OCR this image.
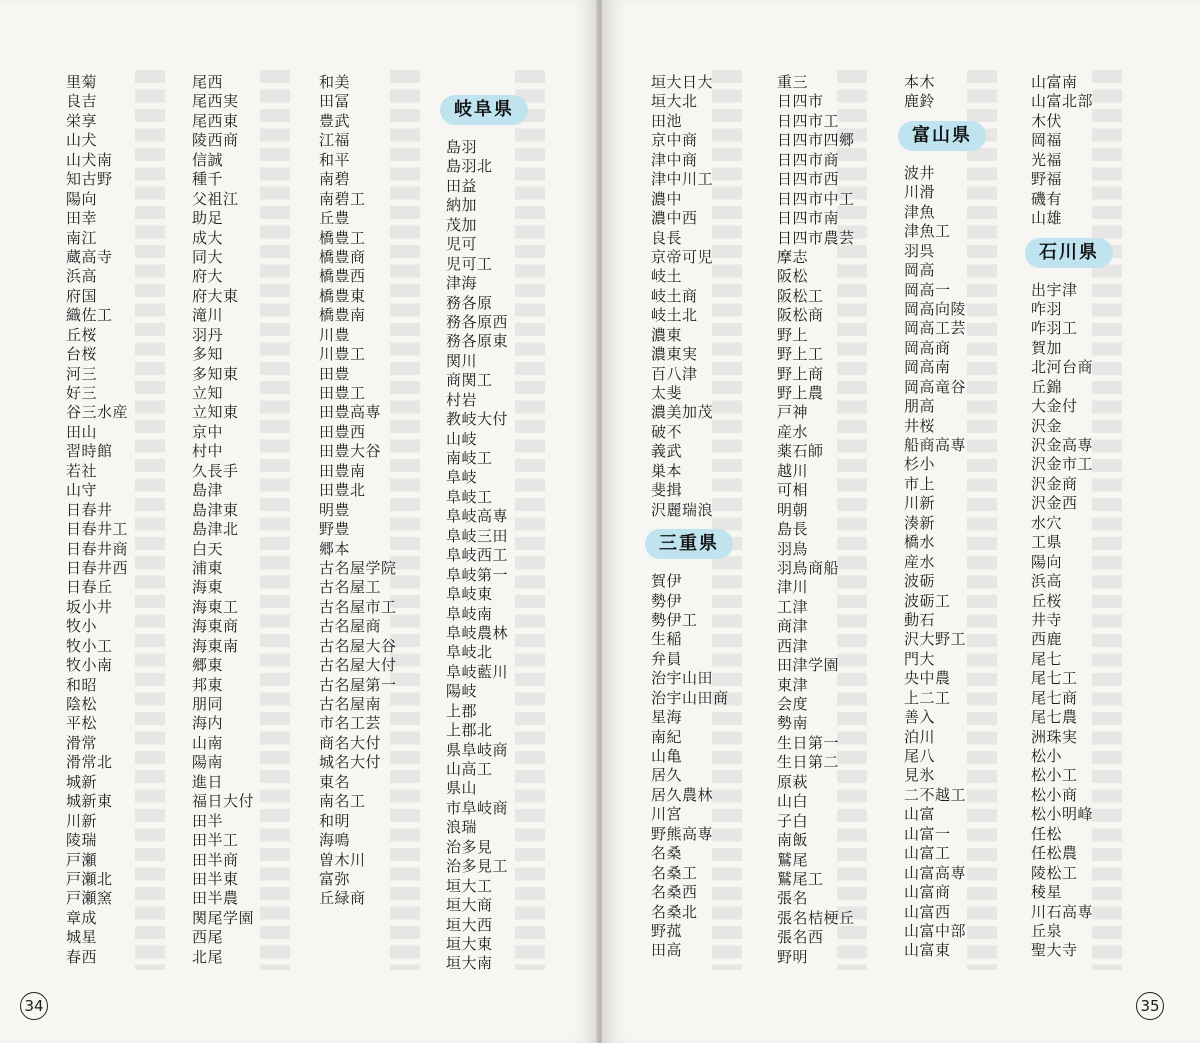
里菊
良吉
栄享
山犬
山犬南
知古野
陽向
田幸
南江
蔵高寺
浜高
府国
織佐工
丘桜
台桜
河三
好三
谷三水産
田山
習時館
若社
山守
日春井
日春井工
日春井商
日春井西
日春丘
坂小井
牧小
牧小工
牧小南
和昭
陰松
平松
滑常
滑常北
城新
城新東
川新
陵瑞
戸瀬
戸瀬北
戸瀬窯
章成
城星
春西
尾西
尾西実
尾西東
陵西商
信誠
種千
父祖江
助足
成大
同大
府大
府大東
滝川
羽丹
多知
多知東
立知
立知東
京中
村中
久長手
島津
島津東
島津北
白天
浦東
海東
海東工
海東商
海東南
郷東
邦東
朋同
海内
山南
陽南
進日
福日大付
田半
田半工
田半商
田半東
田半農
関尾学園
西尾
北尾
和美
田冨
豊武
江福
和平
南碧
南碧工
丘豊
橋豊工
橋豊商
橋豊西
橋豊東
橋豊南
川豊
川豊工
田豊
田豊工
田豊高専
田豊西
田豊大谷
田豊南
田豊北
明豊
野豊
郷本
古名屋学院
古名屋工
古名屋市工
古名屋商
古名屋大谷
古名屋大付
古名屋第一
古名屋南
市名工芸
商名大付
城名大付
東名
南名工
和明
海鳴
曽木川
富弥
丘緑商
岐阜県
島羽
島羽北
田益
納加
茂加
児可
児可工
津海
務各原
務各原西
務各原東
関川
商関工
村岩
教岐大付
山岐
南岐工
阜岐
阜岐工
阜岐高専
阜岐三田
阜岐西工
阜岐第一
阜岐東
阜岐南
阜岐農林
阜岐北
阜岐藍川
陽岐
上郡
上郡北
県阜岐商
山高工
県山
市阜岐商
浪瑞
治多見
治多見工
垣大工
垣大商
垣大西
垣大東
垣大南
34
垣大日大
垣大北
田池
京中商
津中商
津中川工
濃中
濃中西
良長
京帝可児
岐土
岐土商
岐土北
濃東
濃東実
百八津
太斐
濃美加茂
破不
義武
巣本
斐揖
沢麗瑞浪
三重県
賀伊
勢伊
勢伊工
生稲
弁員
治宇山田
治宇山田商
星海
南紀
山亀
居久
居久農林
川宮
野熊高専
名桑
名桑工
名桑西
名桑北
野菰
田高
重三
日四市
日四市工
日四市四郷
日四市商
日四市西
日四市中工
日四市南
日四市農芸
摩志
阪松
阪松工
阪松商
野上
野上工
野上商
野上農
戸神
産水
薬石師
越川
可相
明朝
島長
羽鳥
羽鳥商船
津川
工津
商津
西津
田津学園
東津
会度
勢南
生日第一
生日第二
原萩
山白
子白
南飯
鷲尾
鷲尾工
張名
張名桔梗丘
張名西
野明
本木
鹿鈴
富山県
波井
川滑
津魚
津魚工
羽呉
岡高
岡高一
岡高向陵
岡高工芸
岡高商
岡高南
岡高竜谷
朋高
井桜
船商高専
杉小
市上
川新
湊新
橋水
産水
波砺
波砺工
動石
沢大野工
門大
央中農
上二工
善入
泊川
尾八
見氷
二不越工
山富
山富一
山富工
山富高専
山富商
山富西
山富中部
山富東
山富南
山富北部
木伏
岡福
光福
野福
磯有
山雄
石川県
出宇津
咋羽
咋羽工
賀加
北河台商
丘錦
大金付
沢金
沢金高専
沢金市工
沢金商
沢金西
水穴
工県
陽向
浜高
丘桜
井寺
西鹿
尾七
尾七工
尾七商
尾七農
洲珠実
松小
松小工
松小商
松小明峰
任松
任松農
陵松工
稜星
川石高専
丘泉
聖大寺
35
